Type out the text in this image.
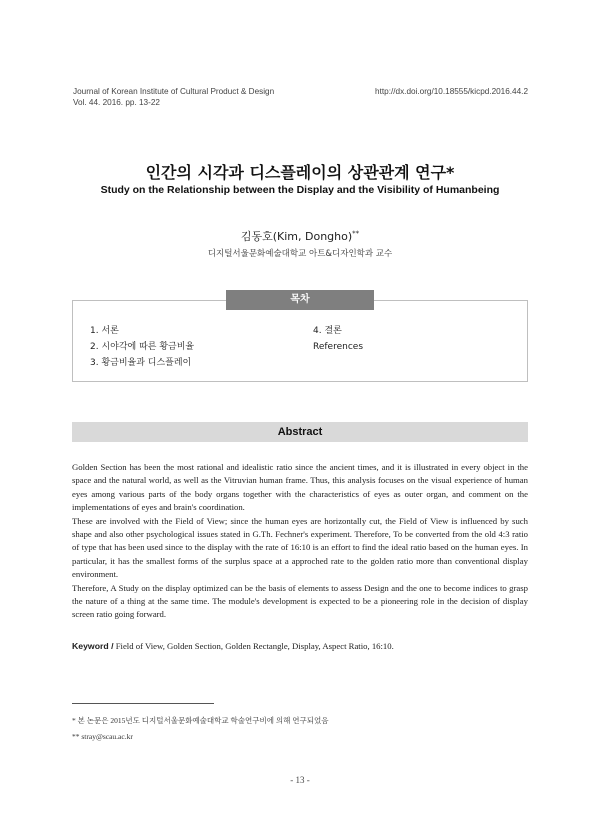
Journal of Korean Institute of Cultural Product & Design
Vol. 44. 2016. pp. 13-22
http://dx.doi.org/10.18555/kicpd.2016.44.2
인간의 시각과 디스플레이의 상관관계 연구*
Study on the Relationship between the Display and the Visibility of Humanbeing
김동호(Kim, Dongho)**
디지털서울문화예술대학교 아트&디자인학과 교수
목차
1. 서론
2. 시야각에 따른 황금비율
3. 황금비율과 디스플레이
4. 결론
References
Abstract

Golden Section has been the most rational and idealistic ratio since the ancient times, and it is illustrated in every object in the space and the natural world, as well as the Vitruvian human frame. Thus, this analysis focuses on the visual experience of human eyes among various parts of the body organs together with the characteristics of eyes as outer organ, and comment on the implementations of eyes and brain's coordination.

These are involved with the Field of View; since the human eyes are horizontally cut, the Field of View is influenced by such shape and also other psychological issues stated in G.Th. Fechner's experiment. Therefore, To be converted from the old 4:3 ratio of type that has been used since to the display with the rate of 16:10 is an effort to find the ideal ratio based on the human eyes. In particular, it has the smallest forms of the surplus space at a approched rate to the golden ratio more than conventional display environment.

Therefore, A Study on the display optimized can be the basis of elements to assess Design and the one to become indices to grasp the nature of a thing at the same time. The module's development is expected to be a pioneering role in the decision of display screen ratio going forward.

Keyword / Field of View, Golden Section, Golden Rectangle, Display, Aspect Ratio, 16:10.
* 본 논문은 2015년도 디지털서울문화예술대학교 학술연구비에 의해 연구되었음
** stray@scau.ac.kr
- 13 -
